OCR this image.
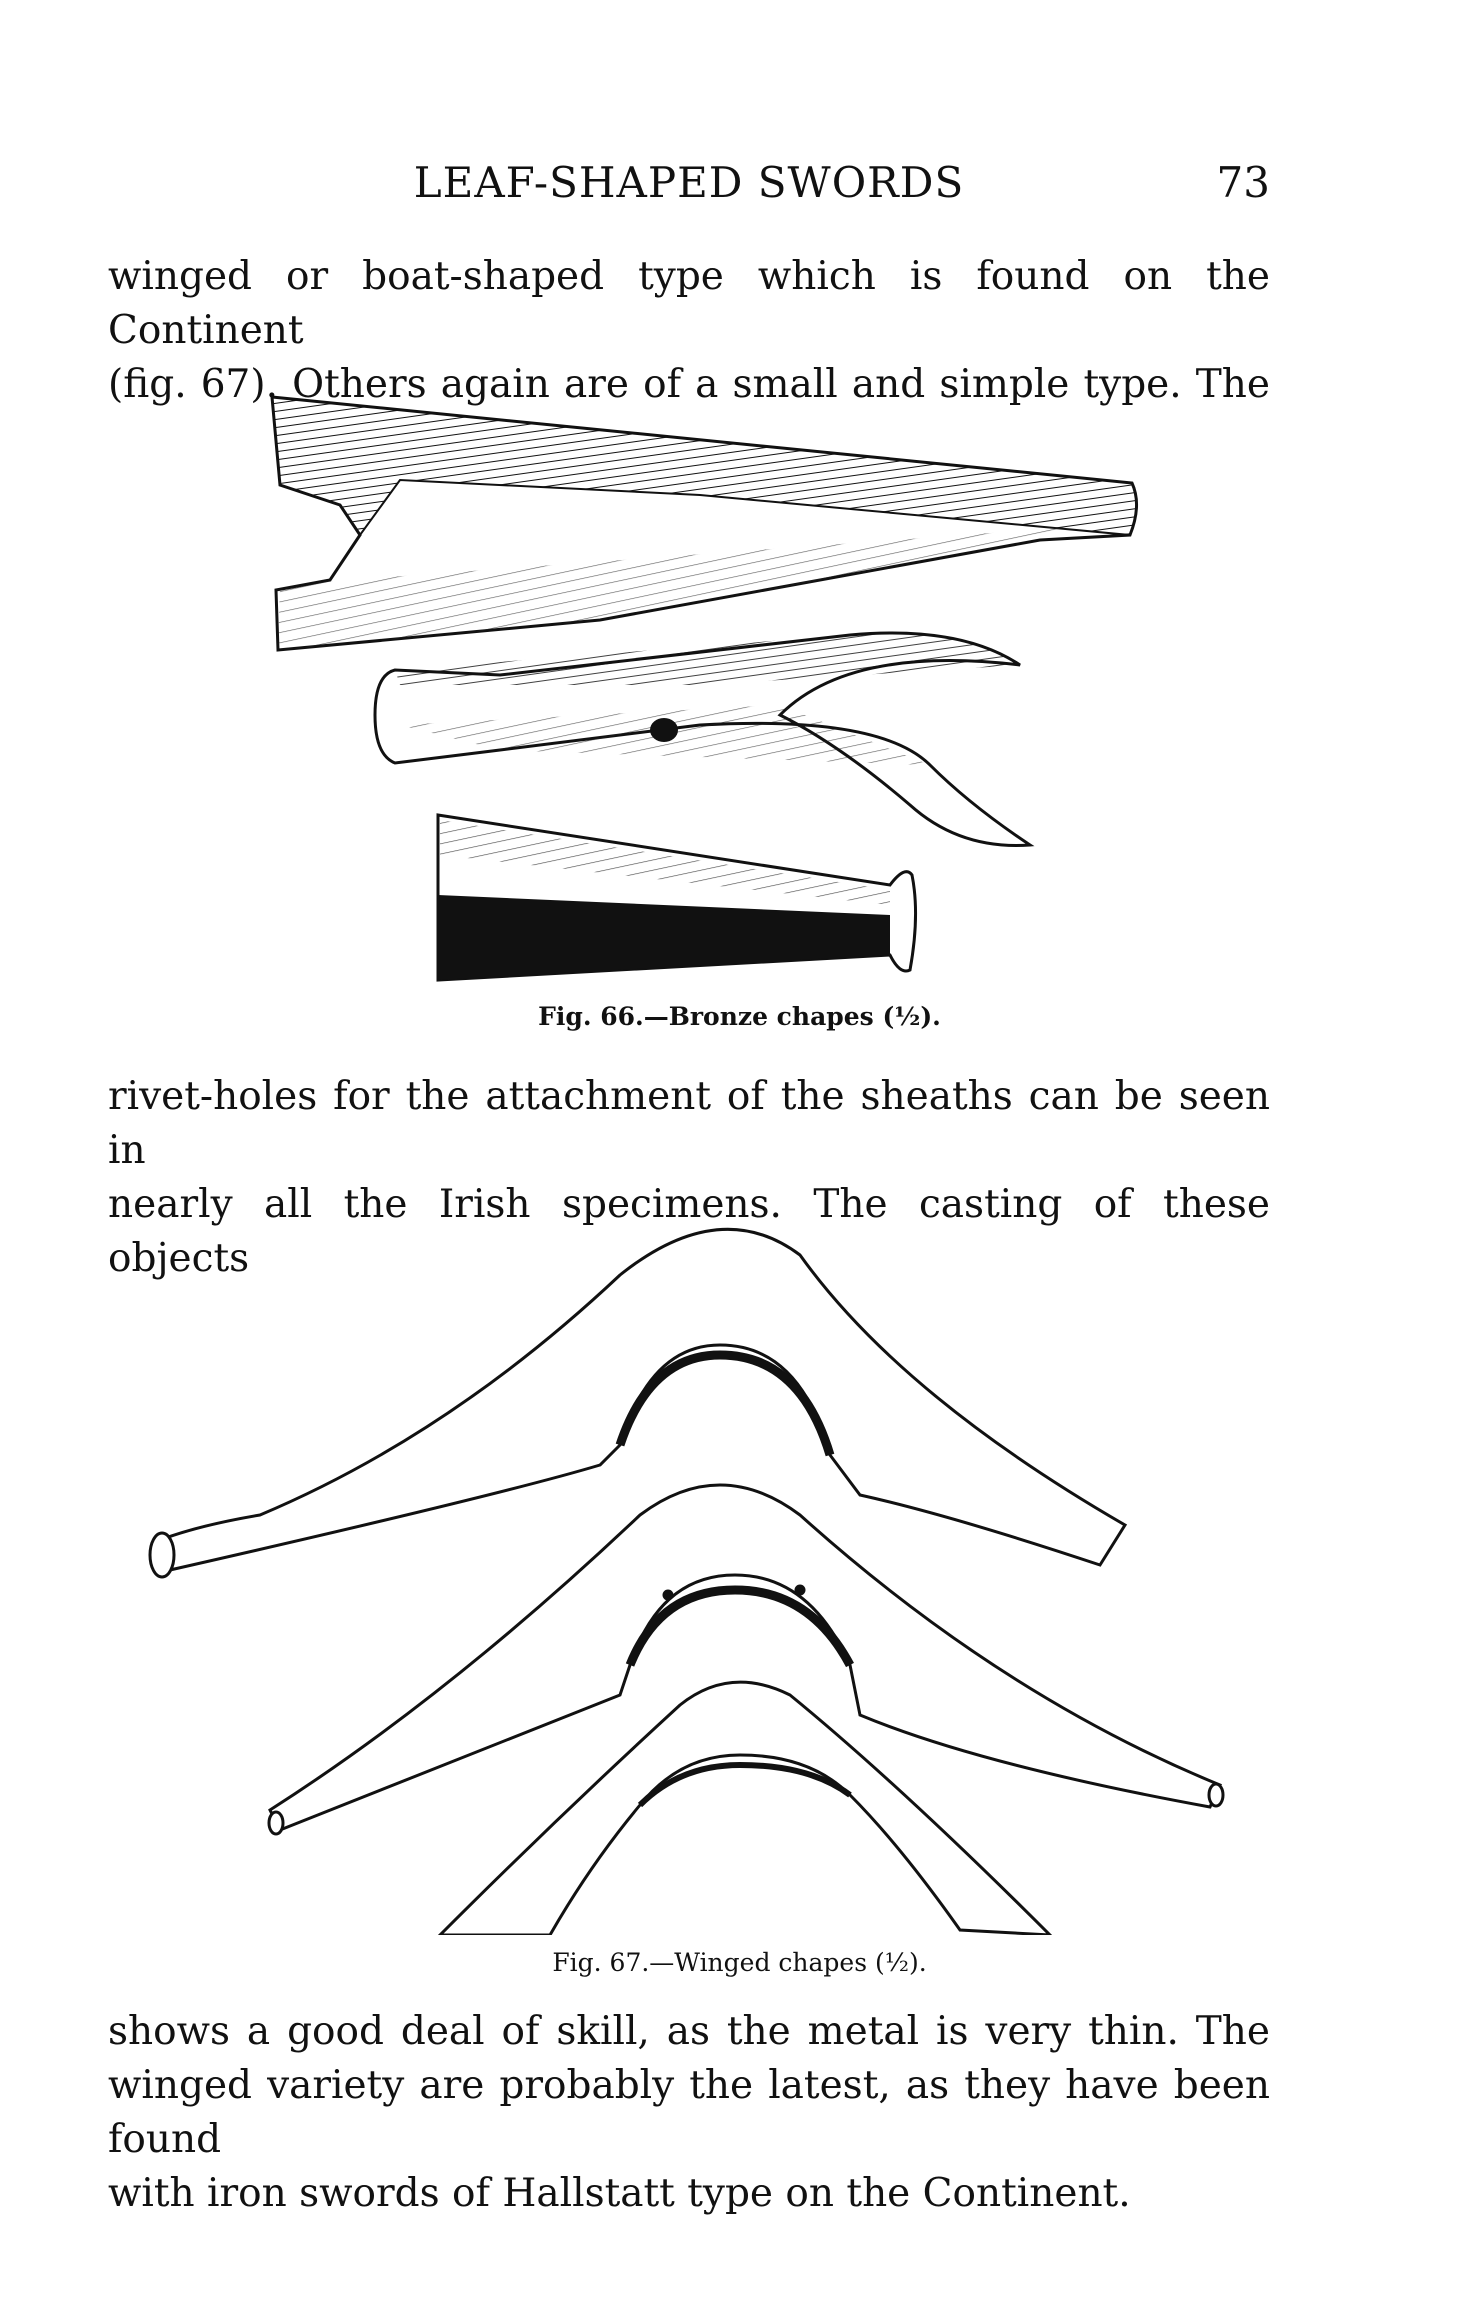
LEAF-SHAPED SWORDS	73
winged or boat-shaped type which is found on the Continent
(fig. 67). Others again are of a small and simple type. The
Fig. 66.—Bronze chapes (½).
rivet-holes for the attachment of the sheaths can be seen in
nearly all the Irish specimens. The casting of these objects
Fig. 67.—Winged chapes (½).
shows a good deal of skill, as the metal is very thin. The
winged variety are probably the latest, as they have been found
with iron swords of Hallstatt type on the Continent.
